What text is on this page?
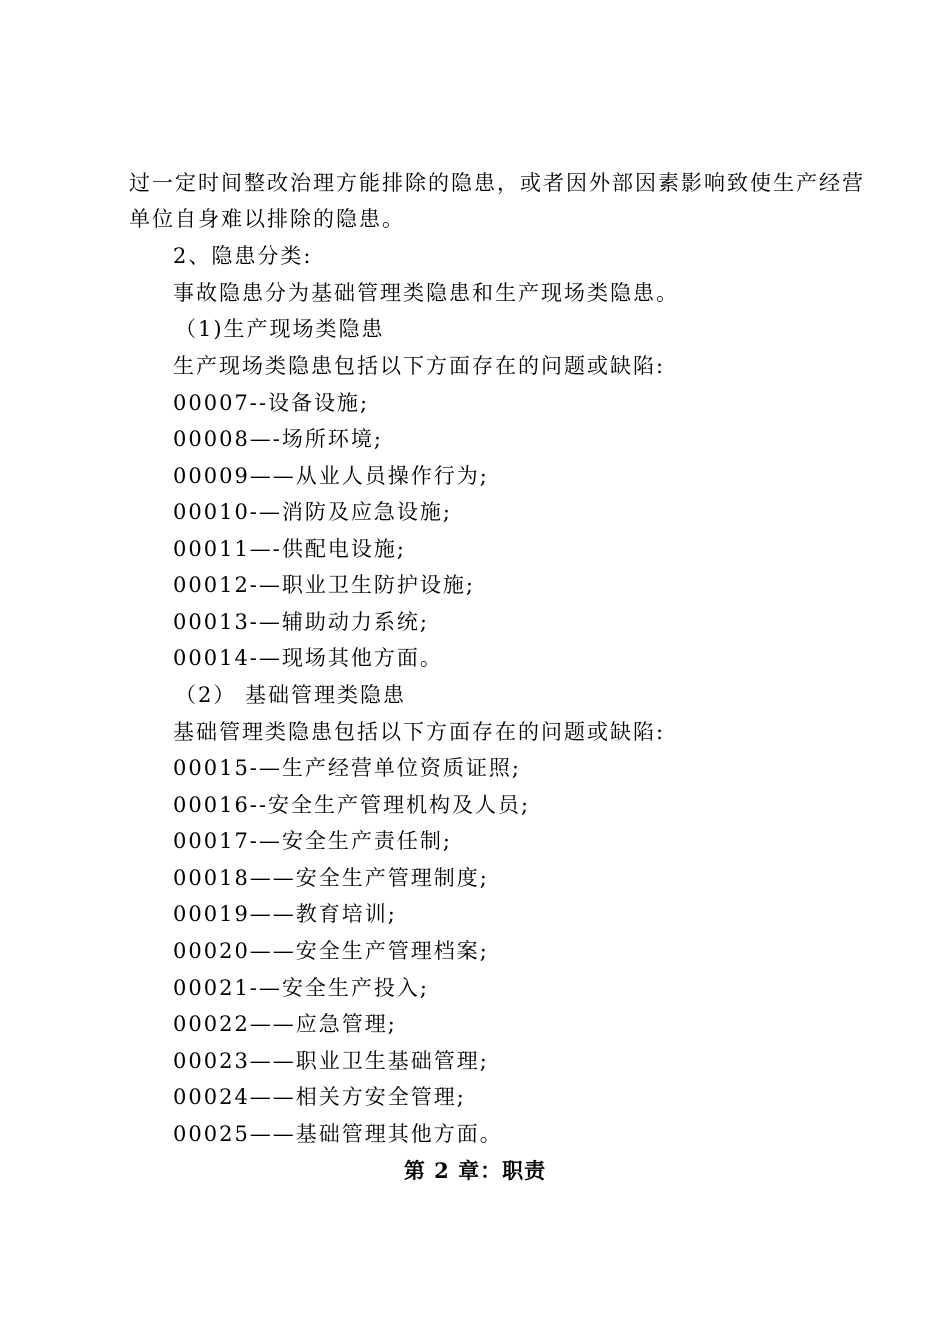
过一定时间整改治理方能排除的隐患，或者因外部因素影响致使生产经营
单位自身难以排除的隐患。
2、隐患分类:
事故隐患分为基础管理类隐患和生产现场类隐患。
（1)生产现场类隐患
生产现场类隐患包括以下方面存在的问题或缺陷:
00007--设备设施;
00008—-场所环境;
00009——从业人员操作行为;
00010-—消防及应急设施;
00011—-供配电设施;
00012-—职业卫生防护设施;
00013-—辅助动力系统;
00014-—现场其他方面。
（2） 基础管理类隐患
基础管理类隐患包括以下方面存在的问题或缺陷:
00015-—生产经营单位资质证照;
00016--安全生产管理机构及人员;
00017-—安全生产责任制;
00018——安全生产管理制度;
00019——教育培训;
00020——安全生产管理档案;
00021-—安全生产投入;
00022——应急管理;
00023——职业卫生基础管理;
00024——相关方安全管理;
00025——基础管理其他方面。
第 2 章：职责
